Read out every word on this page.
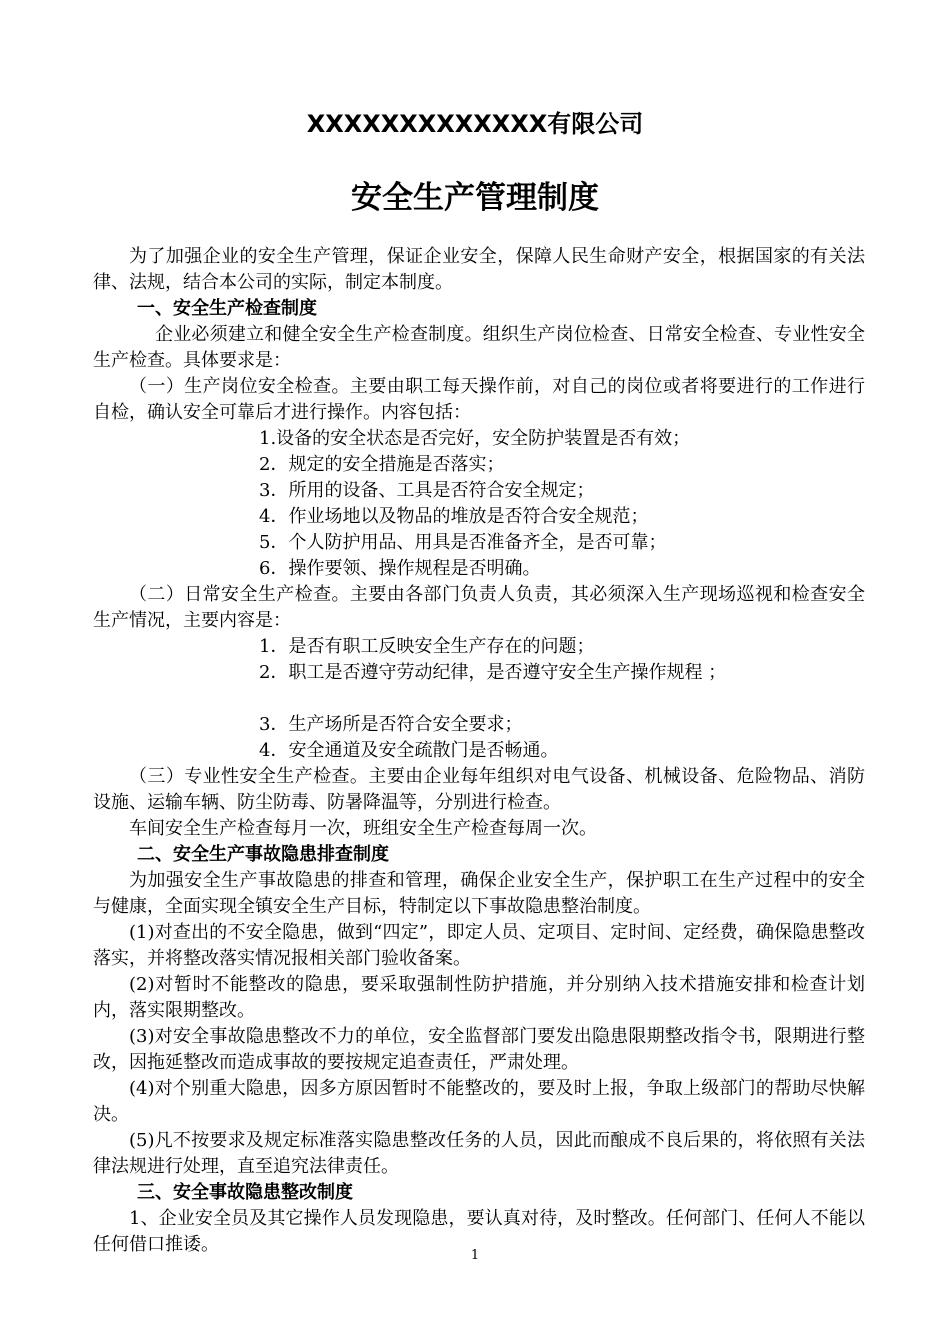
XXXXXXXXXXXXX有限公司
安全生产管理制度

为了加强企业的安全生产管理，保证企业安全，保障人民生命财产安全，根据国家的有关法律、法规，结合本公司的实际，制定本制度。

一、安全生产检查制度

企业必须建立和健全安全生产检查制度。组织生产岗位检查、日常安全检查、专业性安全生产检查。具体要求是：

（一）生产岗位安全检查。主要由职工每天操作前，对自己的岗位或者将要进行的工作进行自检，确认安全可靠后才进行操作。内容包括：

1.设备的安全状态是否完好，安全防护装置是否有效；

2．规定的安全措施是否落实；

3．所用的设备、工具是否符合安全规定；

4．作业场地以及物品的堆放是否符合安全规范；

5．个人防护用品、用具是否准备齐全，是否可靠；

6．操作要领、操作规程是否明确。

（二）日常安全生产检查。主要由各部门负责人负责，其必须深入生产现场巡视和检查安全生产情况，主要内容是：

1．是否有职工反映安全生产存在的问题；

2．职工是否遵守劳动纪律，是否遵守安全生产操作规程 ；

3．生产场所是否符合安全要求；

4．安全通道及安全疏散门是否畅通。

（三）专业性安全生产检查。主要由企业每年组织对电气设备、机械设备、危险物品、消防设施、运输车辆、防尘防毒、防暑降温等，分别进行检查。

车间安全生产检查每月一次，班组安全生产检查每周一次。

二、安全生产事故隐患排查制度

为加强安全生产事故隐患的排查和管理，确保企业安全生产，保护职工在生产过程中的安全与健康，全面实现全镇安全生产目标，特制定以下事故隐患整治制度。

(1)对查出的不安全隐患，做到“四定”，即定人员、定项目、定时间、定经费，确保隐患整改落实，并将整改落实情况报相关部门验收备案。

(2)对暂时不能整改的隐患，要采取强制性防护措施，并分别纳入技术措施安排和检查计划内，落实限期整改。

(3)对安全事故隐患整改不力的单位，安全监督部门要发出隐患限期整改指令书，限期进行整改，因拖延整改而造成事故的要按规定追查责任，严肃处理。

(4)对个别重大隐患，因多方原因暂时不能整改的，要及时上报，争取上级部门的帮助尽快解决。

(5)凡不按要求及规定标准落实隐患整改任务的人员，因此而酿成不良后果的，将依照有关法律法规进行处理，直至追究法律责任。

三、安全事故隐患整改制度

1、企业安全员及其它操作人员发现隐患，要认真对待，及时整改。任何部门、任何人不能以任何借口推诿。

1
